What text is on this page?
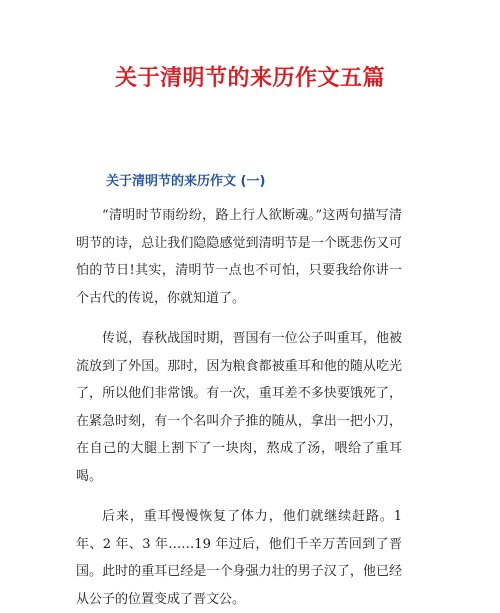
关于清明节的来历作文五篇
关于清明节的来历作文 (一)

“清明时节雨纷纷，路上行人欲断魂。”这两句描写清明节的诗，总让我们隐隐感觉到清明节是一个既悲伤又可怕的节日!其实，清明节一点也不可怕，只要我给你讲一个古代的传说，你就知道了。

传说，春秋战国时期，晋国有一位公子叫重耳，他被流放到了外国。那时，因为粮食都被重耳和他的随从吃光了，所以他们非常饿。有一次，重耳差不多快要饿死了，在紧急时刻，有一个名叫介子推的随从，拿出一把小刀，在自己的大腿上割下了一块肉，熬成了汤，喂给了重耳喝。

后来，重耳慢慢恢复了体力，他们就继续赶路。1 年、2 年、3 年……19 年过后，他们千辛万苦回到了晋国。此时的重耳已经是一个身强力壮的男子汉了，他已经从公子的位置变成了晋文公。
